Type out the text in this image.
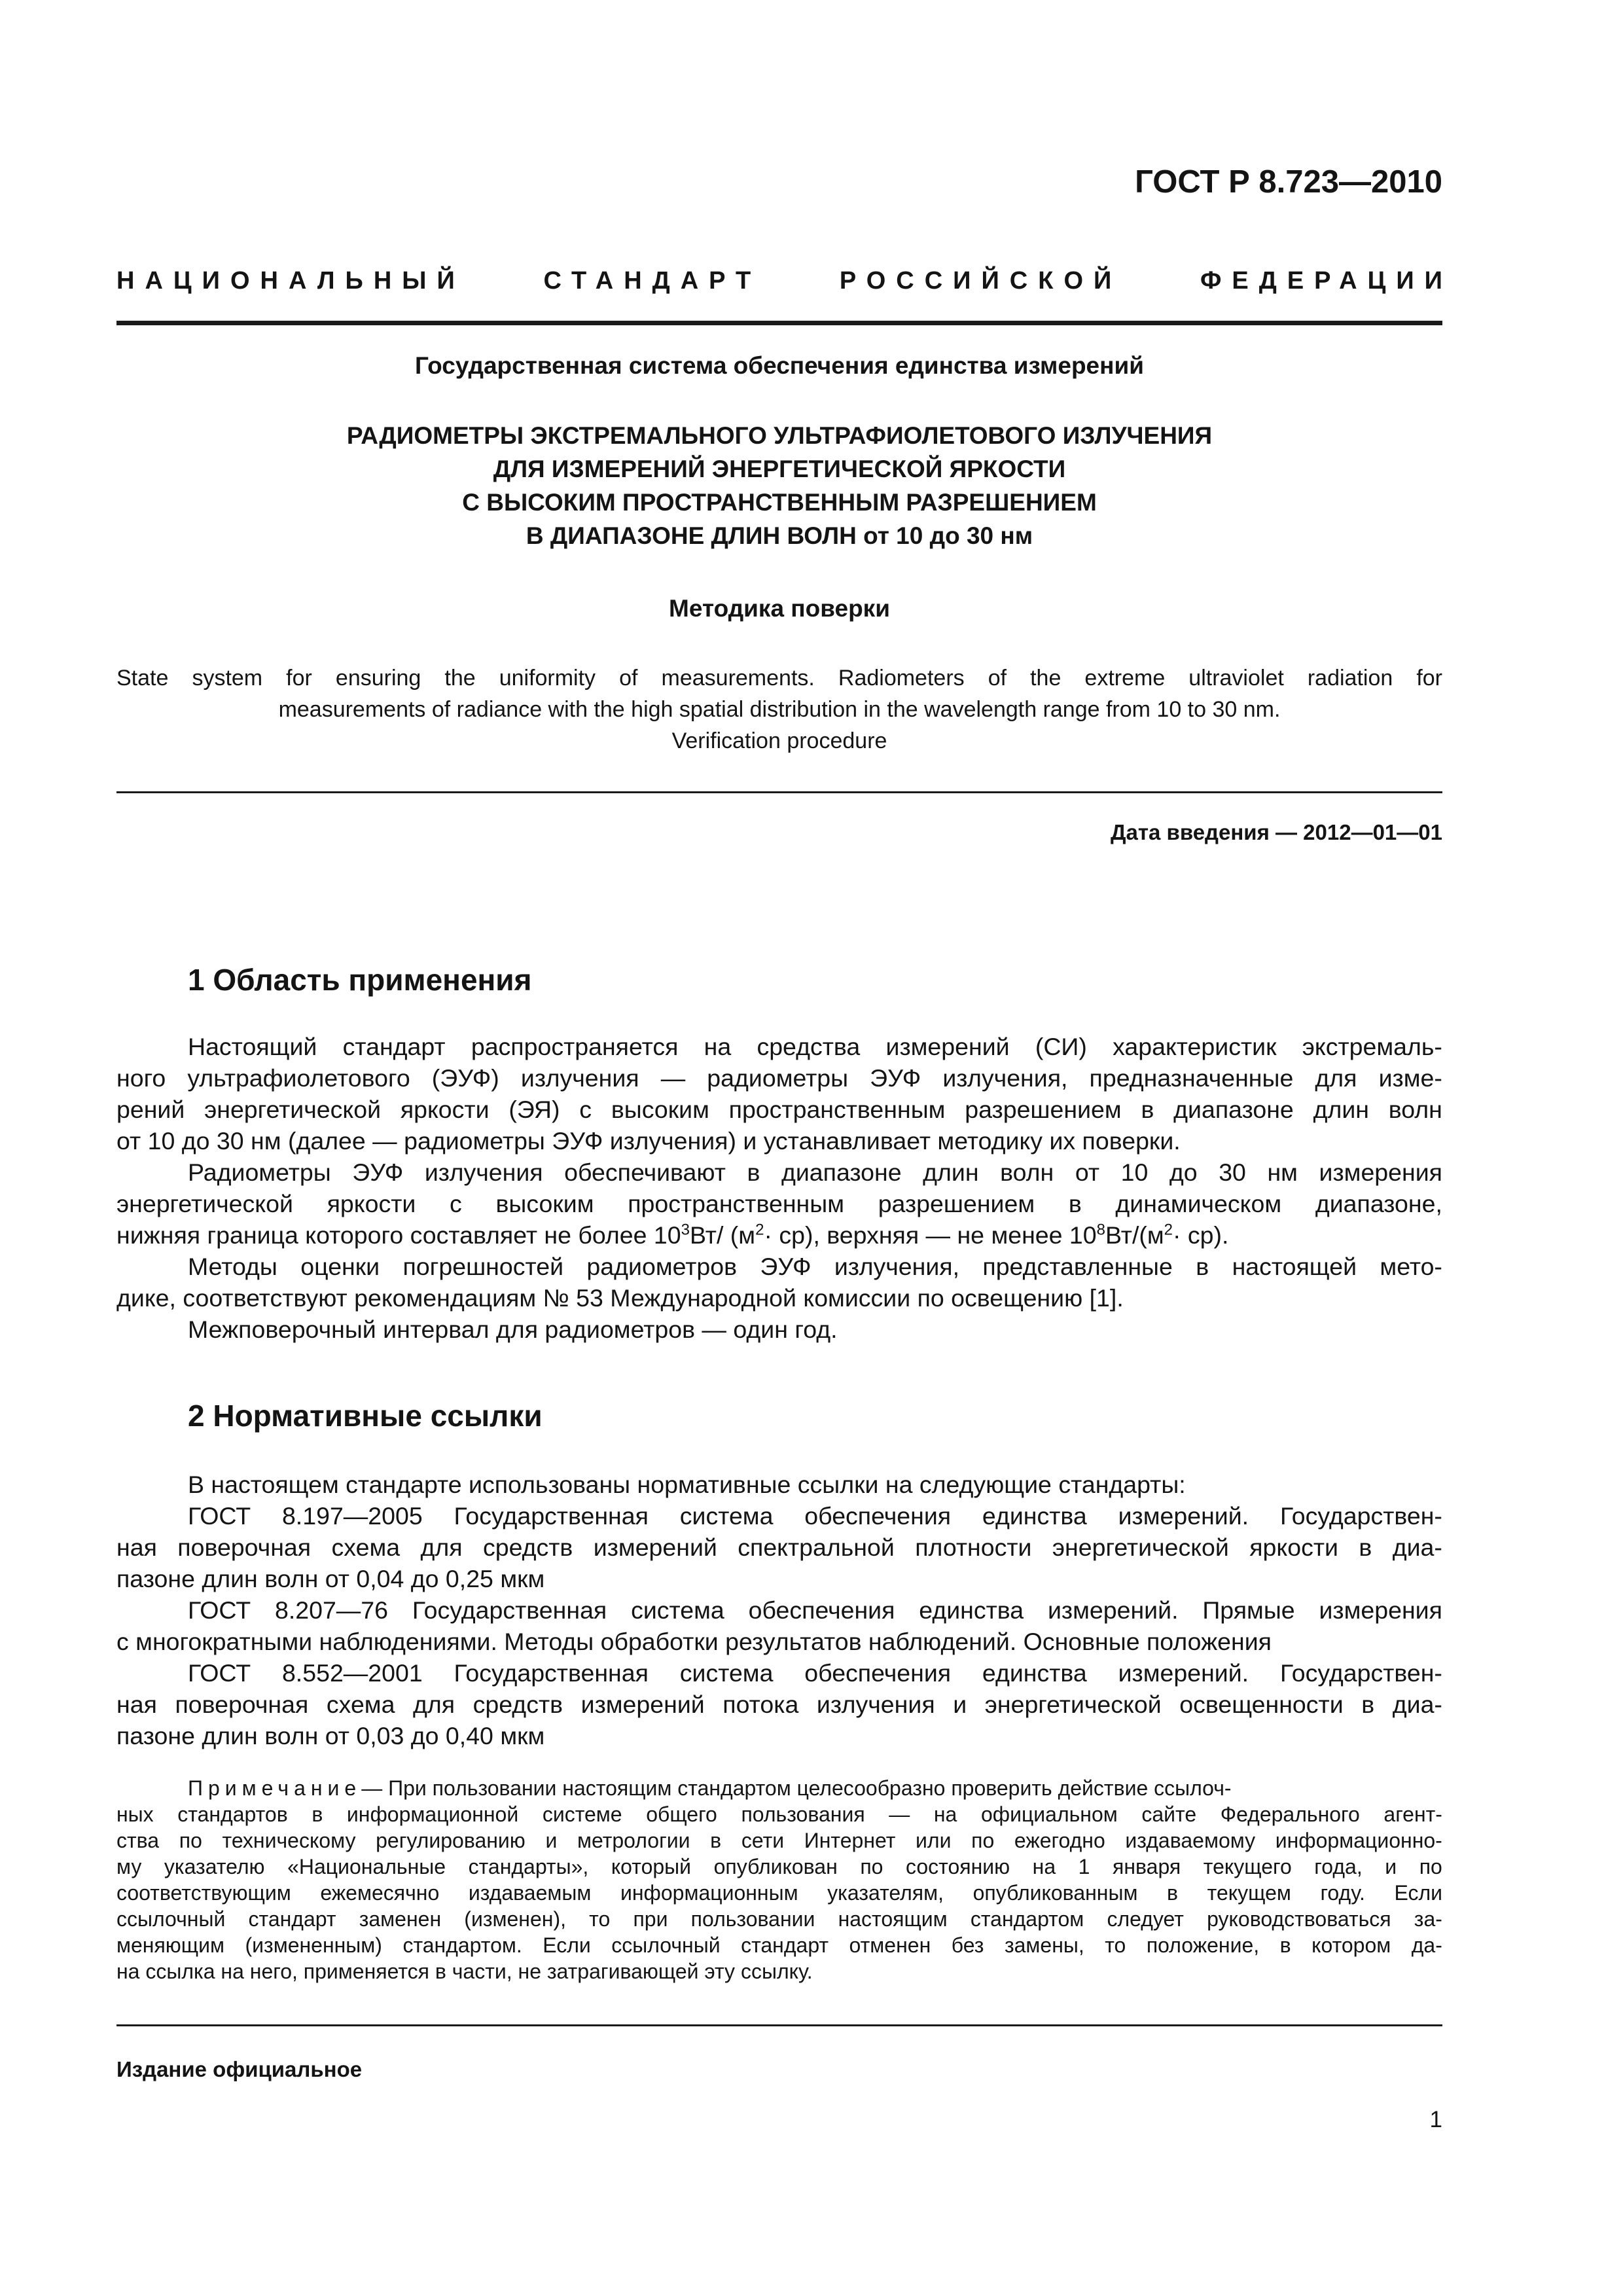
ГОСТ Р 8.723—2010
НАЦИОНАЛЬНЫЙ	СТАНДАРТ	РОССИЙСКОЙ	ФЕДЕРАЦИИ
Государственная система обеспечения единства измерений
РАДИОМЕТРЫ ЭКСТРЕМАЛЬНОГО УЛЬТРАФИОЛЕТОВОГО ИЗЛУЧЕНИЯ
ДЛЯ ИЗМЕРЕНИЙ ЭНЕРГЕТИЧЕСКОЙ ЯРКОСТИ
С ВЫСОКИМ ПРОСТРАНСТВЕННЫМ РАЗРЕШЕНИЕМ
В ДИАПАЗОНЕ ДЛИН ВОЛН от 10 до 30 нм
Методика поверки
State system for ensuring the uniformity of measurements. Radiometers of the extreme ultraviolet radiation for
measurements of radiance with the high spatial distribution in the wavelength range from 10 to 30 nm.
Verification procedure
Дата введения — 2012—01—01
1 Область применения
Настоящий стандарт распространяется на средства измерений (СИ) характеристик экстремаль-
ного ультрафиолетового (ЭУФ) излучения — радиометры ЭУФ излучения, предназначенные для изме-
рений энергетической яркости (ЭЯ) с высоким пространственным разрешением в диапазоне длин волн
от 10 до 30 нм (далее — радиометры ЭУФ излучения) и устанавливает методику их поверки.
Радиометры ЭУФ излучения обеспечивают в диапазоне длин волн от 10 до 30 нм измерения
энергетической яркости с высоким пространственным разрешением в динамическом диапазоне,
нижняя граница которого составляет не более $10^3Вт/$ $(м^2\cdot ср)$, верхняя — не менее $10^8Вт/(м^2\cdot ср)$.
Методы оценки погрешностей радиометров ЭУФ излучения, представленные в настоящей мето-
дике, соответствуют рекомендациям № 53 Международной комиссии по освещению [1].
Межповерочный интервал для радиометров — один год.
2 Нормативные ссылки
В настоящем стандарте использованы нормативные ссылки на следующие стандарты:
ГОСТ 8.197—2005 Государственная система обеспечения единства измерений. Государствен-
ная поверочная схема для средств измерений спектральной плотности энергетической яркости в диа-
пазоне длин волн от 0,04 до 0,25 мкм
ГОСТ 8.207—76 Государственная система обеспечения единства измерений. Прямые измерения
с многократными наблюдениями. Методы обработки результатов наблюдений. Основные положения
ГОСТ 8.552—2001 Государственная система обеспечения единства измерений. Государствен-
ная поверочная схема для средств измерений потока излучения и энергетической освещенности в диа-
пазоне длин волн от 0,03 до 0,40 мкм
Примечание— При пользовании настоящим стандартом целесообразно проверить действие ссылоч-
ных стандартов в информационной системе общего пользования — на официальном сайте Федерального агент-
ства по техническому регулированию и метрологии в сети Интернет или по ежегодно издаваемому информационно-
му указателю «Национальные стандарты», который опубликован по состоянию на 1 января текущего года, и по
соответствующим ежемесячно издаваемым информационным указателям, опубликованным в текущем году. Если
ссылочный стандарт заменен (изменен), то при пользовании настоящим стандартом следует руководствоваться за-
меняющим (измененным) стандартом. Если ссылочный стандарт отменен без замены, то положение, в котором да-
на ссылка на него, применяется в части, не затрагивающей эту ссылку.
Издание официальное
1
